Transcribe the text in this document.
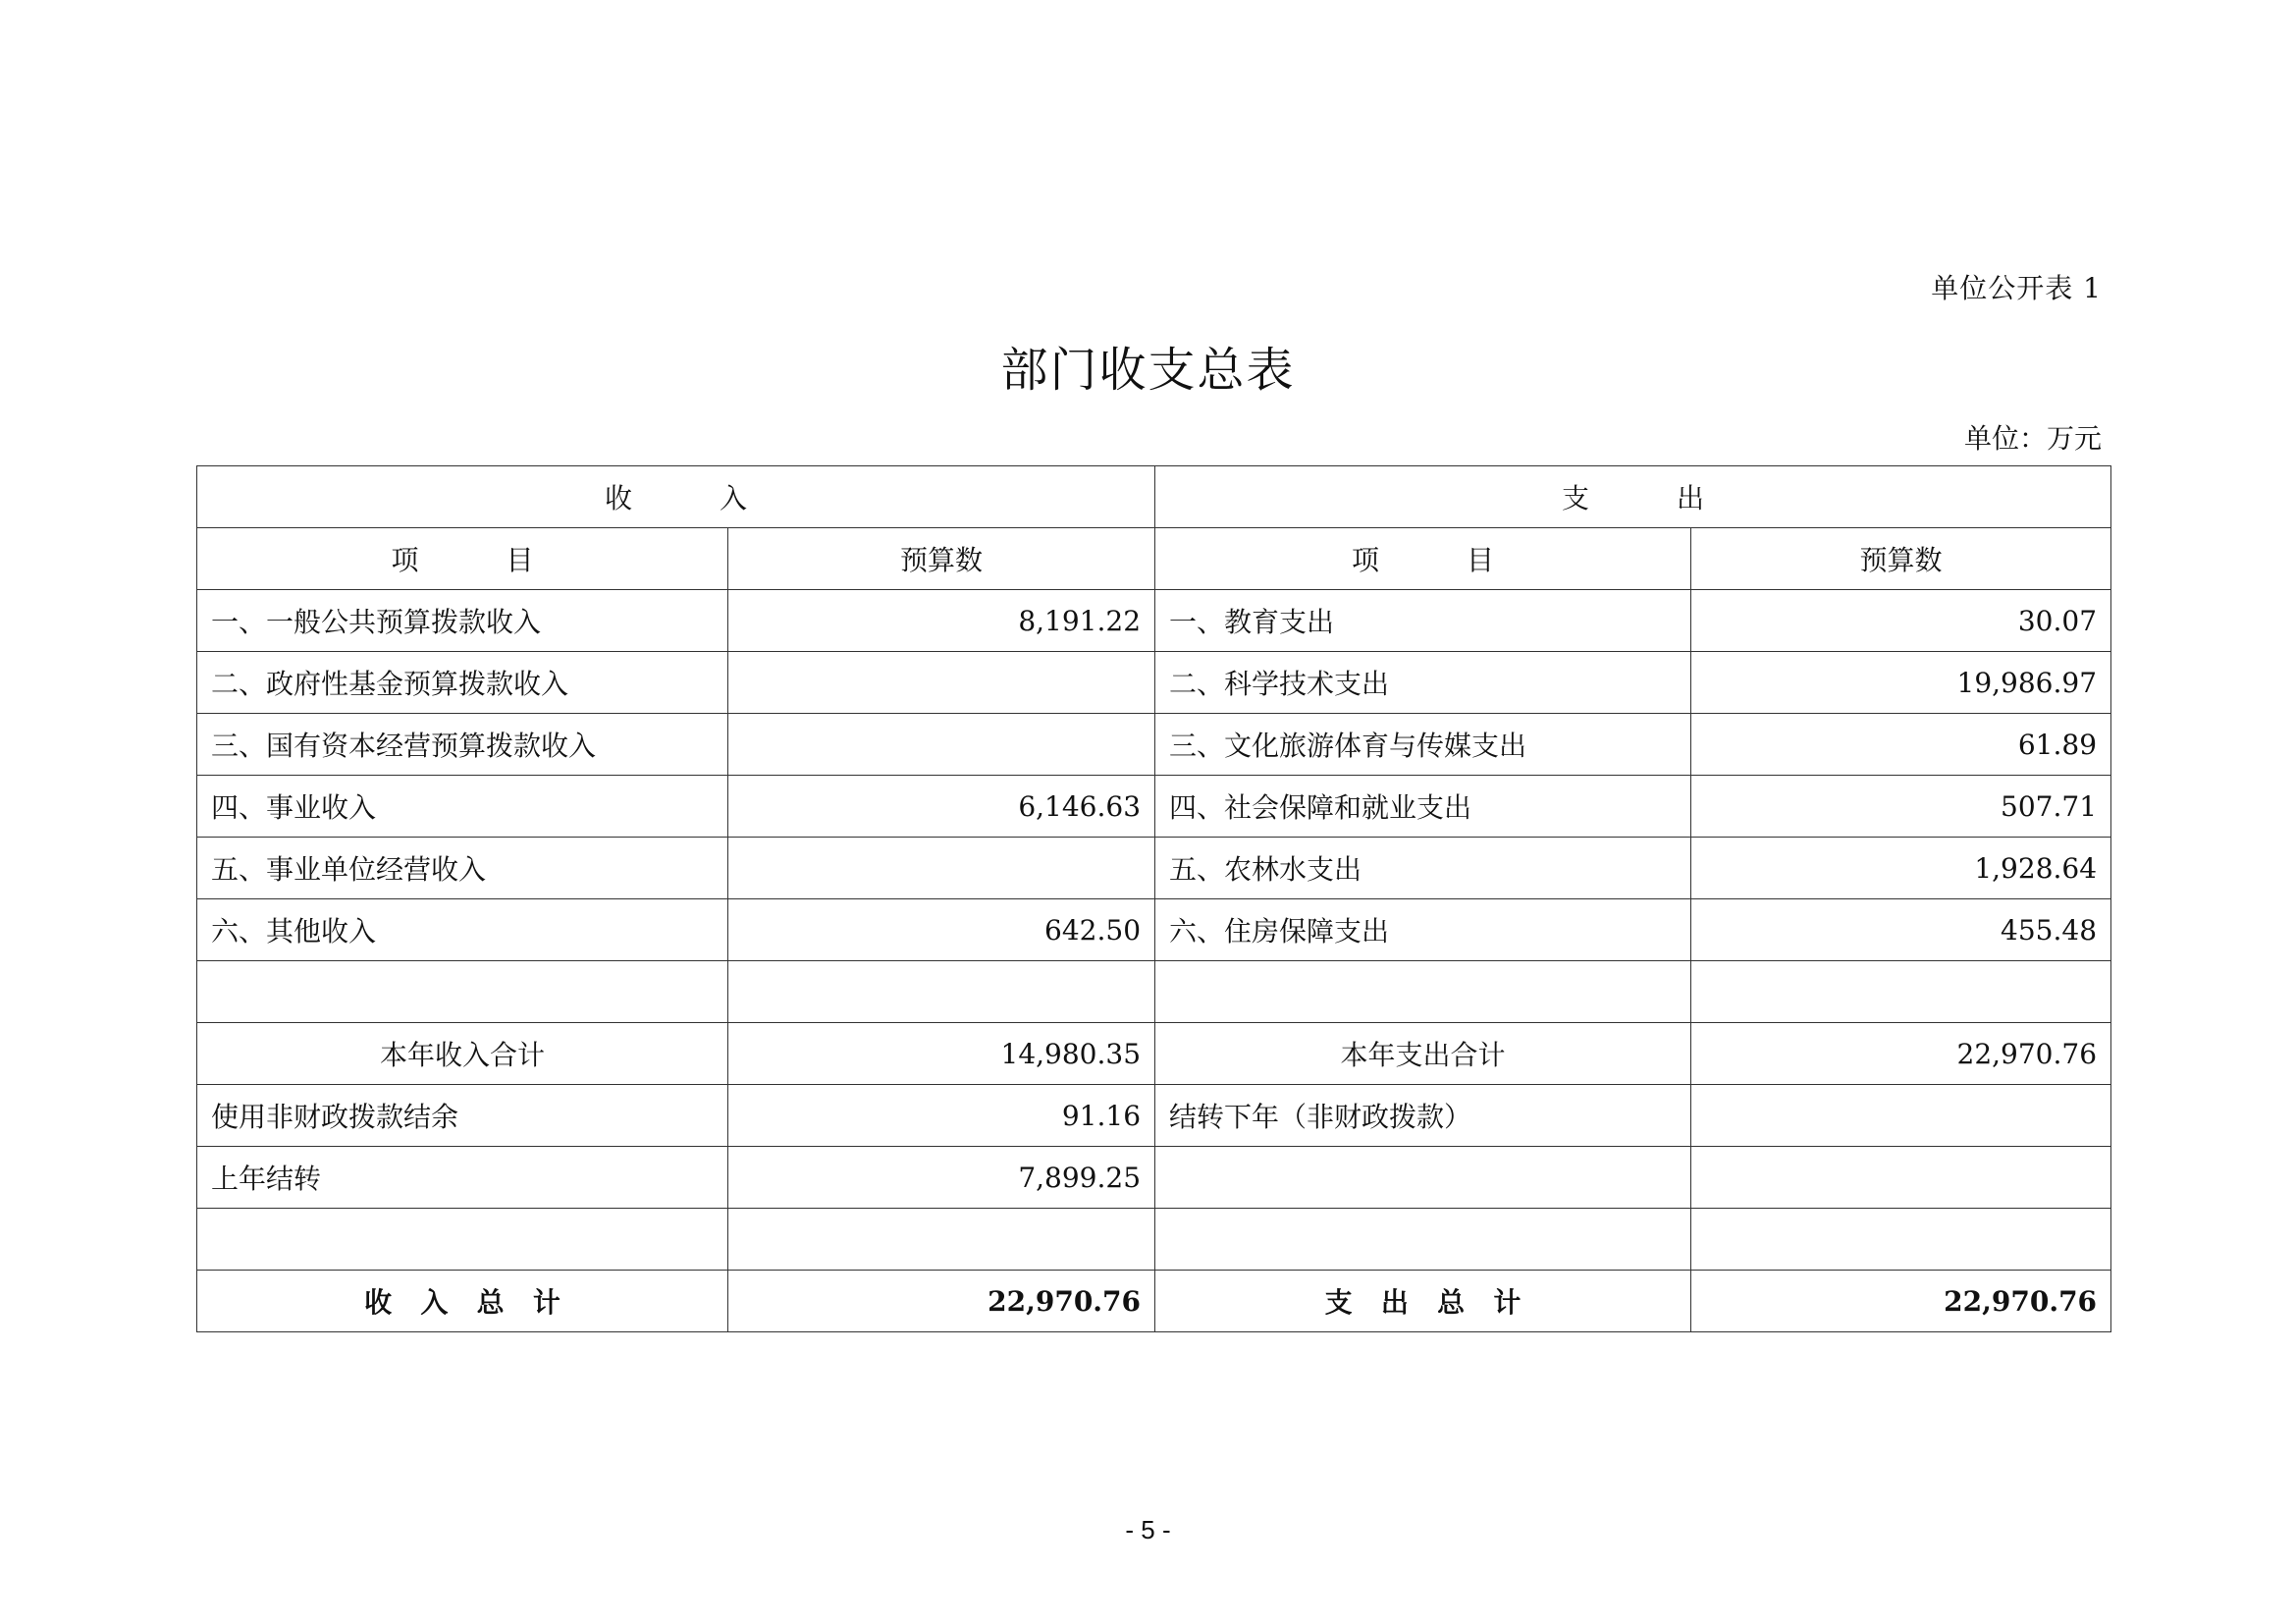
单位公开表 1
部门收支总表
单位：万元
收          入		支          出	
项          目	预算数	项          目	预算数
一、一般公共预算拨款收入	8,191.22	一、教育支出	30.07
二、政府性基金预算拨款收入		二、科学技术支出	19,986.97
三、国有资本经营预算拨款收入		三、文化旅游体育与传媒支出	61.89
四、事业收入	6,146.63	四、社会保障和就业支出	507.71
五、事业单位经营收入		五、农林水支出	1,928.64
六、其他收入	642.50	六、住房保障支出	455.48

本年收入合计	14,980.35	本年支出合计	22,970.76
使用非财政拨款结余	91.16	结转下年（非财政拨款）	
上年结转	7,899.25		

收   入   总   计	22,970.76	支   出   总   计	22,970.76
- 5 -
